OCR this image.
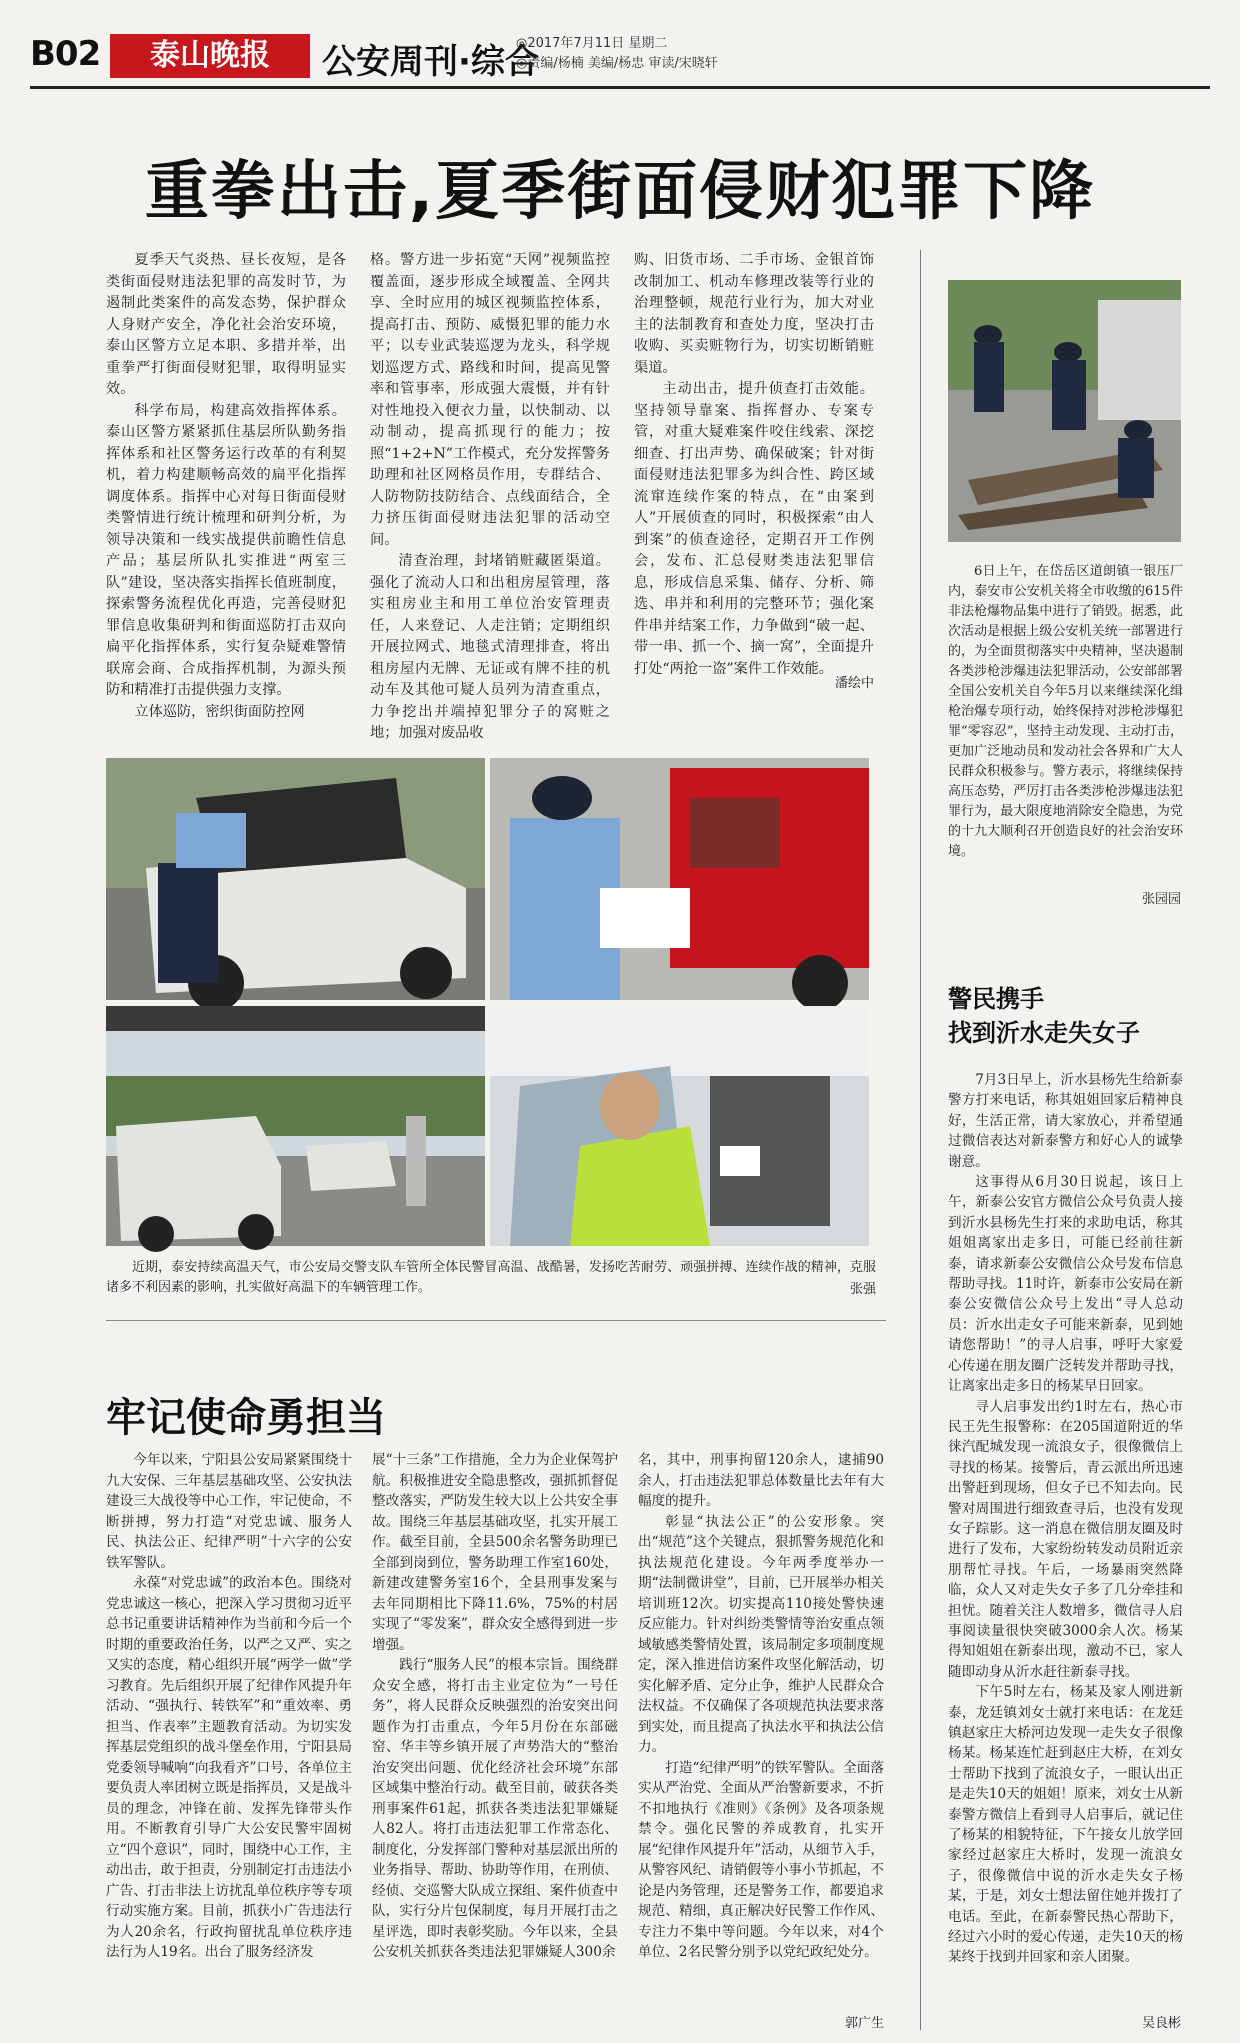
B02	泰山晚报	公安周刊·综合
◎2017年7月11日 星期二
◎责编/杨楠 美编/杨忠 审读/宋晓轩
重拳出击,夏季街面侵财犯罪下降

夏季天气炎热、昼长夜短，是各类街面侵财违法犯罪的高发时节，为遏制此类案件的高发态势，保护群众人身财产安全，净化社会治安环境，泰山区警方立足本职、多措并举，出重拳严打街面侵财犯罪，取得明显实效。

科学布局，构建高效指挥体系。泰山区警方紧紧抓住基层所队勤务指挥体系和社区警务运行改革的有利契机，着力构建顺畅高效的扁平化指挥调度体系。指挥中心对每日街面侵财类警情进行统计梳理和研判分析，为领导决策和一线实战提供前瞻性信息产品；基层所队扎实推进“两室三队”建设，坚决落实指挥长值班制度，探索警务流程优化再造，完善侵财犯罪信息收集研判和街面巡防打击双向扁平化指挥体系，实行复杂疑难警情联席会商、合成指挥机制，为源头预防和精准打击提供强力支撑。

立体巡防，密织街面防控网

格。警方进一步拓宽“天网”视频监控覆盖面，逐步形成全域覆盖、全网共享、全时应用的城区视频监控体系，提高打击、预防、威慑犯罪的能力水平；以专业武装巡逻为龙头，科学规划巡逻方式、路线和时间，提高见警率和管事率，形成强大震慑，并有针对性地投入便衣力量，以快制动、以动制动，提高抓现行的能力；按照“1+2+N”工作模式，充分发挥警务助理和社区网格员作用，专群结合、人防物防技防结合、点线面结合，全力挤压街面侵财违法犯罪的活动空间。

清查治理，封堵销赃藏匿渠道。强化了流动人口和出租房屋管理，落实租房业主和用工单位治安管理责任，人来登记、人走注销；定期组织开展拉网式、地毯式清理排查，将出租房屋内无牌、无证或有牌不挂的机动车及其他可疑人员列为清查重点，力争挖出并端掉犯罪分子的窝赃之地；加强对废品收

购、旧货市场、二手市场、金银首饰改制加工、机动车修理改装等行业的治理整顿，规范行业行为，加大对业主的法制教育和查处力度，坚决打击收购、买卖赃物行为，切实切断销赃渠道。

主动出击，提升侦查打击效能。坚持领导靠案、指挥督办、专案专管，对重大疑难案件咬住线索、深挖细查、打出声势、确保破案；针对街面侵财违法犯罪多为纠合性、跨区域流窜连续作案的特点，在“由案到人”开展侦查的同时，积极探索“由人到案”的侦查途径，定期召开工作例会，发布、汇总侵财类违法犯罪信息，形成信息采集、储存、分析、筛选、串并和利用的完整环节；强化案件串并结案工作，力争做到“破一起、带一串、抓一个、摘一窝”，全面提升打处“两抢一盗”案件工作效能。

潘绘中

6日上午，在岱岳区道朗镇一银压厂内，泰安市公安机关将全市收缴的615件非法枪爆物品集中进行了销毁。据悉，此次活动是根据上级公安机关统一部署进行的，为全面贯彻落实中央精神，坚决遏制各类涉枪涉爆违法犯罪活动，公安部部署全国公安机关自今年5月以来继续深化缉枪治爆专项行动，始终保持对涉枪涉爆犯罪“零容忍”，坚持主动发现、主动打击，更加广泛地动员和发动社会各界和广大人民群众积极参与。警方表示，将继续保持高压态势，严厉打击各类涉枪涉爆违法犯罪行为，最大限度地消除安全隐患，为党的十九大顺利召开创造良好的社会治安环境。

张园园

近期，泰安持续高温天气，市公安局交警支队车管所全体民警冒高温、战酷暑，发扬吃苦耐劳、顽强拼搏、连续作战的精神，克服诸多不利因素的影响，扎实做好高温下的车辆管理工作。	张强
警民携手
找到沂水走失女子

7月3日早上，沂水县杨先生给新泰警方打来电话，称其姐姐回家后精神良好，生活正常，请大家放心，并希望通过微信表达对新泰警方和好心人的诚挚谢意。

这事得从6月30日说起，该日上午，新泰公安官方微信公众号负责人接到沂水县杨先生打来的求助电话，称其姐姐离家出走多日，可能已经前往新泰，请求新泰公安微信公众号发布信息帮助寻找。11时许，新泰市公安局在新泰公安微信公众号上发出“寻人总动员：沂水出走女子可能来新泰，见到她请您帮助！”的寻人启事，呼吁大家爱心传递在朋友圈广泛转发并帮助寻找，让离家出走多日的杨某早日回家。

寻人启事发出约1时左右，热心市民王先生报警称：在205国道附近的华徕汽配城发现一流浪女子，很像微信上寻找的杨某。接警后，青云派出所迅速出警赶到现场，但女子已不知去向。民警对周围进行细致查寻后，也没有发现女子踪影。这一消息在微信朋友圈及时进行了发布，大家纷纷转发动员附近亲朋帮忙寻找。午后，一场暴雨突然降临，众人又对走失女子多了几分牵挂和担忧。随着关注人数增多，微信寻人启事阅读量很快突破3000余人次。杨某得知姐姐在新泰出现，激动不已，家人随即动身从沂水赶往新泰寻找。

下午5时左右，杨某及家人刚进新泰，龙廷镇刘女士就打来电话：在龙廷镇赵家庄大桥河边发现一走失女子很像杨某。杨某连忙赶到赵庄大桥，在刘女士帮助下找到了流浪女子，一眼认出正是走失10天的姐姐！原来，刘女士从新泰警方微信上看到寻人启事后，就记住了杨某的相貌特征，下午接女儿放学回家经过赵家庄大桥时，发现一流浪女子，很像微信中说的沂水走失女子杨某，于是，刘女士想法留住她并拨打了电话。至此，在新泰警民热心帮助下，经过六小时的爱心传递，走失10天的杨某终于找到并回家和亲人团聚。

吴良彬
牢记使命勇担当

今年以来，宁阳县公安局紧紧围绕十九大安保、三年基层基础攻坚、公安执法建设三大战役等中心工作，牢记使命，不断拼搏，努力打造“对党忠诚、服务人民、执法公正、纪律严明”十六字的公安铁军警队。

永葆“对党忠诚”的政治本色。围绕对党忠诚这一核心，把深入学习贯彻习近平总书记重要讲话精神作为当前和今后一个时期的重要政治任务，以严之又严、实之又实的态度，精心组织开展“两学一做”学习教育。先后组织开展了纪律作风提升年活动、“强执行、转铁军”和“重效率、勇担当、作表率”主题教育活动。为切实发挥基层党组织的战斗堡垒作用，宁阳县局党委领导喊响“向我看齐”口号，各单位主要负责人率团树立既是指挥员，又是战斗员的理念，冲锋在前、发挥先锋带头作用。不断教育引导广大公安民警牢固树立“四个意识”，同时，围绕中心工作，主动出击，敢于担责，分别制定打击违法小广告、打击非法上访扰乱单位秩序等专项行动实施方案。目前，抓获小广告违法行为人20余名，行政拘留扰乱单位秩序违法行为人19名。出台了服务经济发

展“十三条”工作措施，全力为企业保驾护航。积极推进安全隐患整改，强抓抓督促整改落实，严防发生较大以上公共安全事故。围绕三年基层基础攻坚，扎实开展工作。截至目前，全县500余名警务助理已全部到岗到位，警务助理工作室160处，新建改建警务室16个，全县刑事发案与去年同期相比下降11.6%，75%的村居实现了“零发案”，群众安全感得到进一步增强。

践行“服务人民”的根本宗旨。围绕群众安全感，将打击主业定位为“一号任务”，将人民群众反映强烈的治安突出问题作为打击重点，今年5月份在东部磁窑、华丰等乡镇开展了声势浩大的“整治治安突出问题、优化经济社会环境”东部区域集中整治行动。截至目前，破获各类刑事案件61起，抓获各类违法犯罪嫌疑人82人。将打击违法犯罪工作常态化、制度化，分发挥部门警种对基层派出所的业务指导、帮助、协助等作用，在刑侦、经侦、交巡警大队成立探组、案件侦查中队，实行分片包保制度，每月开展打击之星评选，即时表彰奖励。今年以来，全县公安机关抓获各类违法犯罪嫌疑人300余

名，其中，刑事拘留120余人，逮捕90余人，打击违法犯罪总体数量比去年有大幅度的提升。

彰显“执法公正”的公安形象。突出“规范”这个关键点，狠抓警务规范化和执法规范化建设。今年两季度举办一期“法制微讲堂”，目前，已开展举办相关培训班12次。切实提高110接处警快速反应能力。针对纠纷类警情等治安重点领域敏感类警情处置，该局制定多项制度规定，深入推进信访案件攻坚化解活动，切实化解矛盾、定分止争，维护人民群众合法权益。不仅确保了各项规范执法要求落到实处，而且提高了执法水平和执法公信力。

打造“纪律严明”的铁军警队。全面落实从严治党、全面从严治警新要求，不折不扣地执行《准则》《条例》及各项条规禁令。强化民警的养成教育，扎实开展“纪律作风提升年”活动，从细节入手，从警容风纪、请销假等小事小节抓起，不论是内务管理，还是警务工作，都要追求规范、精细，真正解决好民警工作作风、专注力不集中等问题。今年以来，对4个单位、2名民警分别予以党纪政纪处分。

郭广生
